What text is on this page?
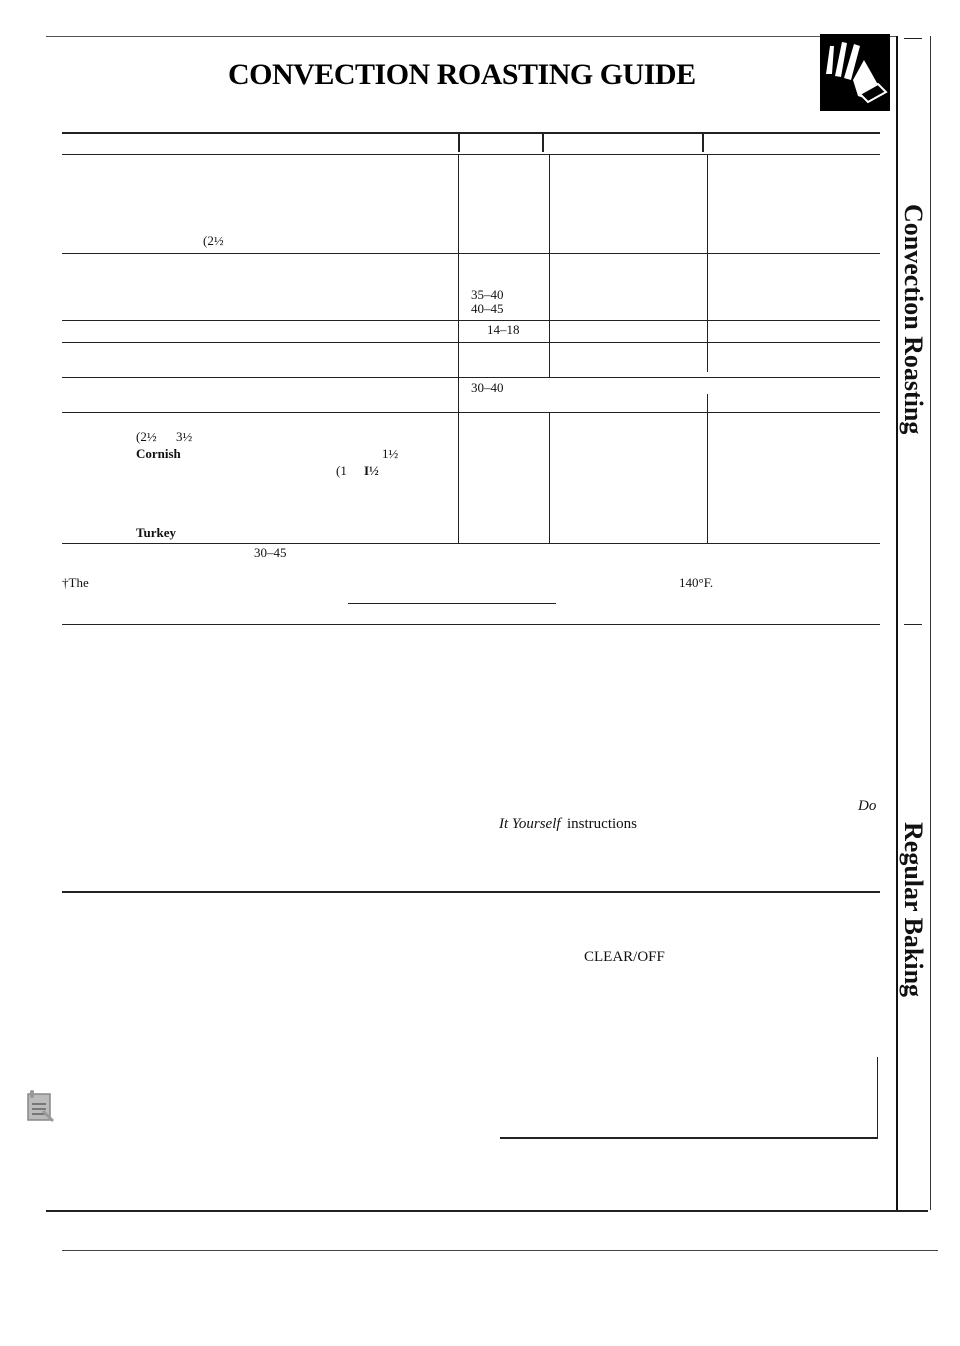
CONVECTION ROASTING GUIDE
Convection Roasting
Regular Baking
(2½
35–40
40–45
14–18
30–40
(2½ 3½
Cornish	1½
(1 I½
Turkey
30–45
†The	140°F.
Do
It Yourself instructions
CLEAR/OFF
